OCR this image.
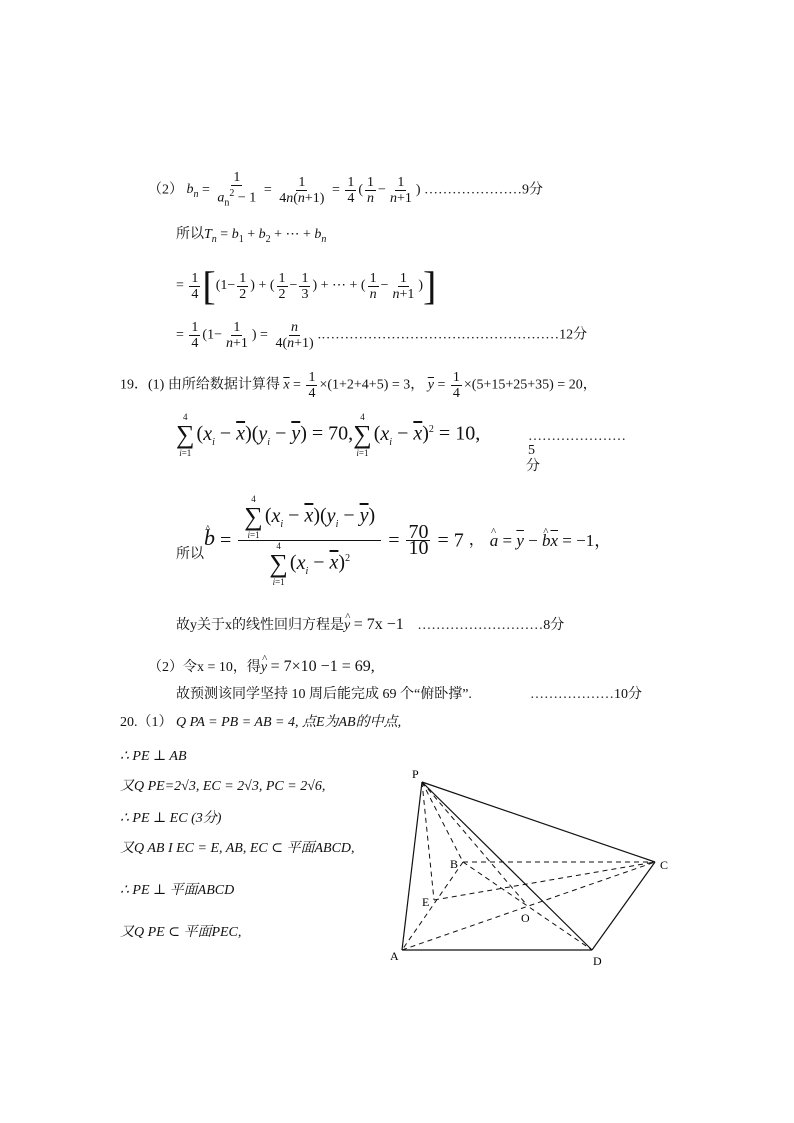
（2） $b_n = \frac{1}{a_n^2 - 1} = \frac{1}{4n(n+1)} = \frac{1}{4}$ ( $\frac{1}{n} - \frac{1}{n+1}$ ) …………………9分
所以$T_n = b_1 + b_2$ + ⋯ + $b_n$
= $\frac{1}{4} [(1- \frac{1}{2}$ ) + ( $\frac{1}{2} - \frac{1}{3}$ ) + ⋯ + ( $\frac{1}{n} - \frac{1}{n+1}$ )]
= $\frac{1}{4} (1- \frac{1}{n+1}$ ) = $\frac{n}{4(n+1)}$ .……………………………………………12分
19．(1) 由所给数据计算得 $\overline{x} = \frac{1}{4} \times(1+2+4+5) = 3$， $\overline{y} = \frac{1}{4} \times(5+15+25+35) = 20$，
4
∑
i=1
$(x_i - \overline{x})(y_i - \overline{y}) = 70$,
4
∑
i=1
$(x_i - \overline{x})^2 = 10$,	…………………
5
分
所以
^ b = 4
∑
i=1
$(x_i - \overline{x})(y_i - \overline{y})$
4
∑
i=1
$(x_i - \overline{x})^2 = \frac{70}{10} = 7$ ， ^ $a = \overline{y}$ − ^ $b\overline{x} = -1$，
故y关于x的线性回归方程是^ y = 7x −1 ………………………8分
（2）令x = 10，得^ y = 7×10 −1 = 69,
故预测该同学坚持 10 周后能完成 69 个“俯卧撑”.	………………10分
20.（1） Q PA = PB = AB = 4, 点E为AB的中点,
∴ PE ⊥ AB
又Q PE=2√3, EC = 2√3, PC = 2√6,
∴ PE ⊥ EC (3分)
又Q AB I EC = E, AB, EC ⊂ 平面ABCD,
∴ PE ⊥ 平面ABCD
又Q PE ⊂ 平面PEC,
P
B	C
E
O
A	D
